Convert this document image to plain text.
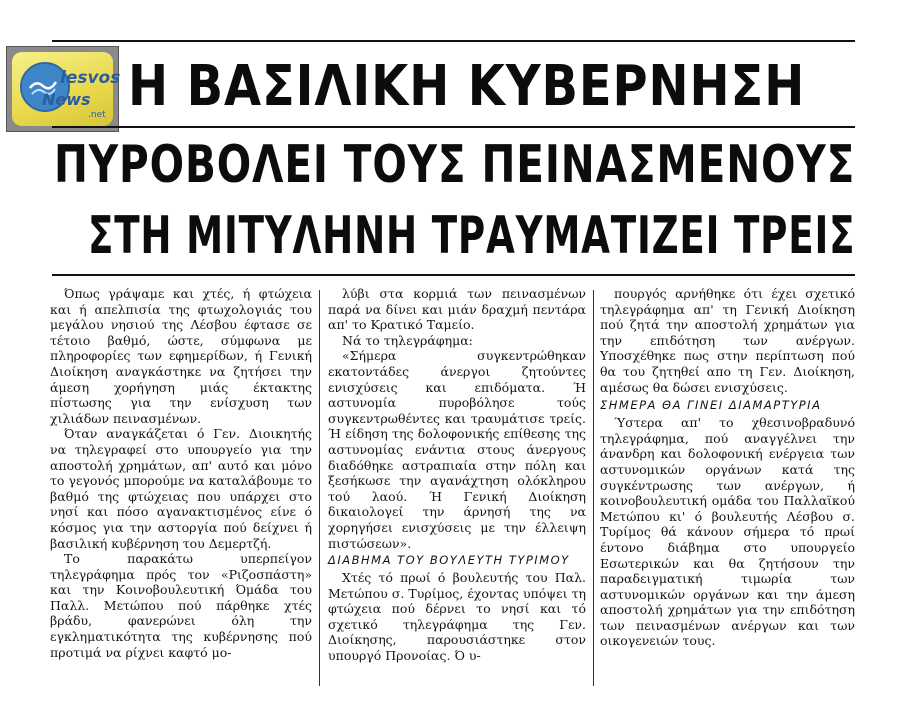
lesvos
News
.net Η ΒΑΣΙΛΙΚΗ ΚΥΒΕΡΝΗΣΗ
ΠΥΡΟΒΟΛΕΙ ΤΟΥΣ ΠΕΙΝΑΣΜΕΝΟΥΣ
ΣΤΗ ΜΙΤΥΛΗΝΗ ΤΡΑΥΜΑΤΙΖΕΙ ΤΡΕΙΣ

Όπως γράψαμε και χτές, ή φτώχεια και ή απελπισία της φτωχολογιάς του μεγάλου νησιού της Λέσβου έφτασε σε τέτοιο βαθμό, ώστε, σύμφωνα με πληροφορίες των εφημερίδων, ή Γενική Διοίκηση αναγκάστηκε να ζητήσει την άμεση χορήγηση μιάς έκτακτης πίστωσης για την ενίσχυση των χιλιάδων πεινασμένων.

Όταν αναγκάζεται ό Γεν. Διοικητής να τηλεγραφεί στο υπουργείο για την αποστολή χρημάτων, απ' αυτό και μόνο το γεγονός μπορούμε να καταλάβουμε το βαθμό της φτώχειας που υπάρχει στο νησί και πόσο αγανακτισμένος είνε ό κόσμος για την αστοργία πού δείχνει ή βασιλική κυβέρνηση του Δεμερτζή.

Το παρακάτω υπερπείγον τηλεγράφημα πρός τον «Ριζοσπάστη» και την Κοινοβουλευτική Όμάδα του Παλλ. Μετώπου πού πάρθηκε χτές βράδυ, φανερώνει όλη την εγκληματικότητα της κυβέρνησης πού προτιμά να ρίχνει καφτό μο-

λύβι στα κορμιά των πεινασμένων παρά να δίνει και μιάν δραχμή πεντάρα απ' το Κρατικό Ταμείο.

Νά το τηλεγράφημα:

«Σήμερα συγκεντρώθηκαν εκατοντάδες άνεργοι ζητούντες ενισχύσεις και επιδόματα. Ή αστυνομία πυροβόλησε τούς συγκεντρωθέντες και τραυμάτισε τρείς. Ή είδηση της δολοφονικής επίθεσης της αστυνομίας ενάντια στους άνεργους διαδόθηκε αστραπιαία στην πόλη και ξεσήκωσε την αγανάχτηση ολόκληρου τού λαού. Ή Γενική Διοίκηση δικαιολογεί την άρνησή της να χορηγήσει ενισχύσεις με την έλλειψη πιστώσεων».

ΔΙΑΒΗΜΑ ΤΟΥ ΒΟΥΛΕΥΤΗ ΤΥΡΙΜΟΥ

Χτές τό πρωί ό βουλευτής του Παλ. Μετώπου σ. Τυρίμος, έχοντας υπόψει τη φτώχεια πού δέρνει το νησί και τό σχετικό τηλεγράφημα της Γεν. Διοίκησης, παρουσιάστηκε στον υπουργό Προνοίας. Ό υ-

πουργός αρνήθηκε ότι έχει σχετικό τηλεγράφημα απ' τη Γενική Διοίκηση πού ζητά την αποστολή χρημάτων για την επιδότηση των ανέργων. Υποσχέθηκε πως στην περίπτωση πού θα του ζητηθεί απο τη Γεν. Διοίκηση, αμέσως θα δώσει ενισχύσεις.

ΣΗΜΕΡΑ ΘΑ ΓΙΝΕΙ ΔΙΑΜΑΡΤΥΡΙΑ

Ύστερα απ' το χθεσινοβραδυνό τηλεγράφημα, πού αναγγέλνει την άνανδρη και δολοφονική ενέργεια των αστυνομικών οργάνων κατά της συγκέντρωσης των ανέργων, ή κοινοβουλευτική ομάδα του Παλλαϊκού Μετώπου κι' ό βουλευτής Λέσβου σ. Τυρίμος θά κάνουν σήμερα τό πρωί έντονο διάβημα στο υπουργείο Εσωτερικών και θα ζητήσουν την παραδειγματική τιμωρία των αστυνομικών οργάνων και την άμεση αποστολή χρημάτων για την επιδότηση των πεινασμένων ανέργων και των οικογενειών τους.
